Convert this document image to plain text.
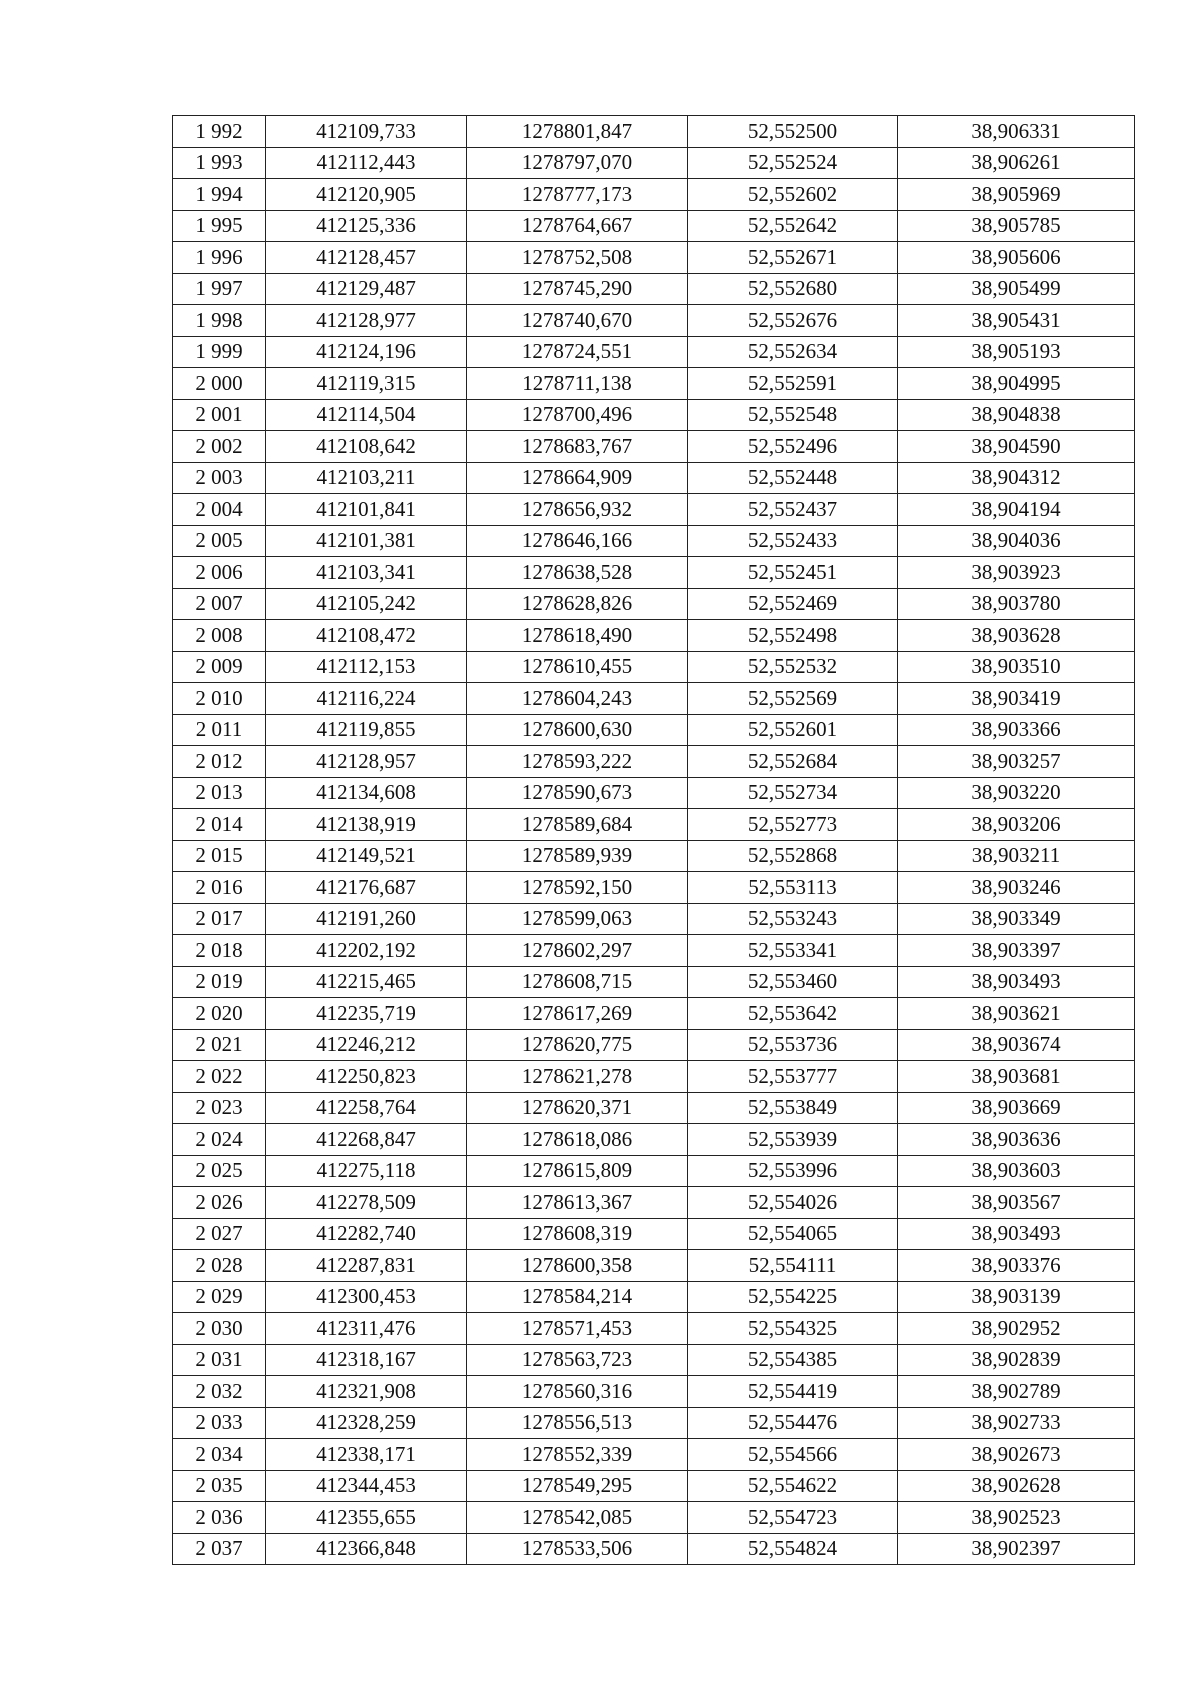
1 992	412109,733	1278801,847	52,552500	38,906331
1 993	412112,443	1278797,070	52,552524	38,906261
1 994	412120,905	1278777,173	52,552602	38,905969
1 995	412125,336	1278764,667	52,552642	38,905785
1 996	412128,457	1278752,508	52,552671	38,905606
1 997	412129,487	1278745,290	52,552680	38,905499
1 998	412128,977	1278740,670	52,552676	38,905431
1 999	412124,196	1278724,551	52,552634	38,905193
2 000	412119,315	1278711,138	52,552591	38,904995
2 001	412114,504	1278700,496	52,552548	38,904838
2 002	412108,642	1278683,767	52,552496	38,904590
2 003	412103,211	1278664,909	52,552448	38,904312
2 004	412101,841	1278656,932	52,552437	38,904194
2 005	412101,381	1278646,166	52,552433	38,904036
2 006	412103,341	1278638,528	52,552451	38,903923
2 007	412105,242	1278628,826	52,552469	38,903780
2 008	412108,472	1278618,490	52,552498	38,903628
2 009	412112,153	1278610,455	52,552532	38,903510
2 010	412116,224	1278604,243	52,552569	38,903419
2 011	412119,855	1278600,630	52,552601	38,903366
2 012	412128,957	1278593,222	52,552684	38,903257
2 013	412134,608	1278590,673	52,552734	38,903220
2 014	412138,919	1278589,684	52,552773	38,903206
2 015	412149,521	1278589,939	52,552868	38,903211
2 016	412176,687	1278592,150	52,553113	38,903246
2 017	412191,260	1278599,063	52,553243	38,903349
2 018	412202,192	1278602,297	52,553341	38,903397
2 019	412215,465	1278608,715	52,553460	38,903493
2 020	412235,719	1278617,269	52,553642	38,903621
2 021	412246,212	1278620,775	52,553736	38,903674
2 022	412250,823	1278621,278	52,553777	38,903681
2 023	412258,764	1278620,371	52,553849	38,903669
2 024	412268,847	1278618,086	52,553939	38,903636
2 025	412275,118	1278615,809	52,553996	38,903603
2 026	412278,509	1278613,367	52,554026	38,903567
2 027	412282,740	1278608,319	52,554065	38,903493
2 028	412287,831	1278600,358	52,554111	38,903376
2 029	412300,453	1278584,214	52,554225	38,903139
2 030	412311,476	1278571,453	52,554325	38,902952
2 031	412318,167	1278563,723	52,554385	38,902839
2 032	412321,908	1278560,316	52,554419	38,902789
2 033	412328,259	1278556,513	52,554476	38,902733
2 034	412338,171	1278552,339	52,554566	38,902673
2 035	412344,453	1278549,295	52,554622	38,902628
2 036	412355,655	1278542,085	52,554723	38,902523
2 037	412366,848	1278533,506	52,554824	38,902397
